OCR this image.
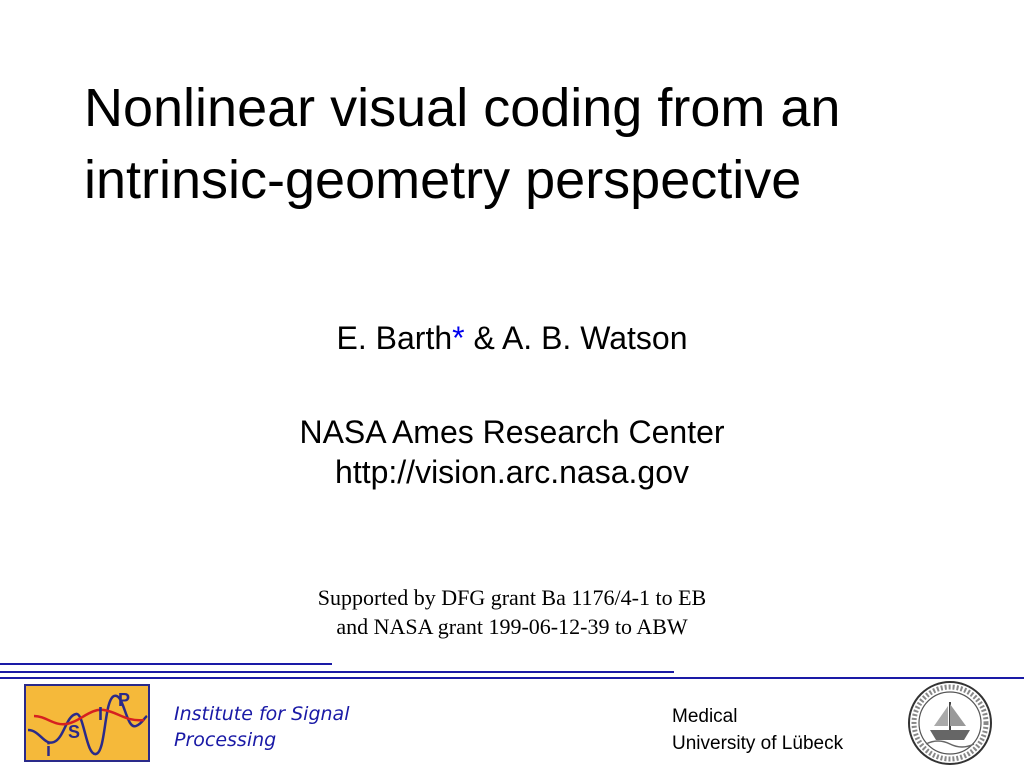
Nonlinear visual coding from an
intrinsic-geometry perspective
E. Barth* & A. B. Watson
NASA Ames Research Center
http://vision.arc.nasa.gov
Supported by DFG grant Ba 1176/4-1 to EB
and NASA grant 199-06-12-39 to ABW
i
S
I
P
Institute for Signal
Processing
Medical
University of Lübeck
